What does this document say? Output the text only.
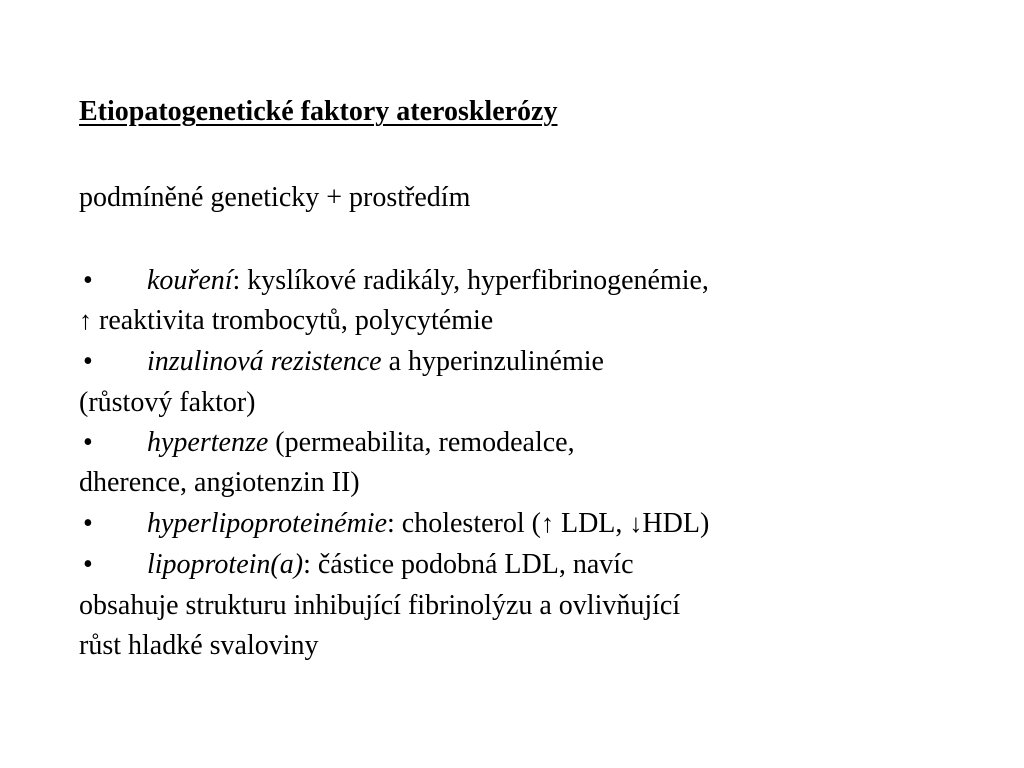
Etiopatogenetické faktory aterosklerózy
podmíněné geneticky + prostředím
• kouření: kyslíkové radikály, hyperfibrinogenémie,
↑ reaktivita trombocytů, polycytémie
• inzulinová rezistence a hyperinzulinémie
(růstový faktor)
• hypertenze (permeabilita, remodealce,
dherence, angiotenzin II)
• hyperlipoproteinémie: cholesterol (↑ LDL, ↓HDL)
• lipoprotein(a): částice podobná LDL, navíc
obsahuje strukturu inhibující fibrinolýzu a ovlivňující
růst hladké svaloviny
